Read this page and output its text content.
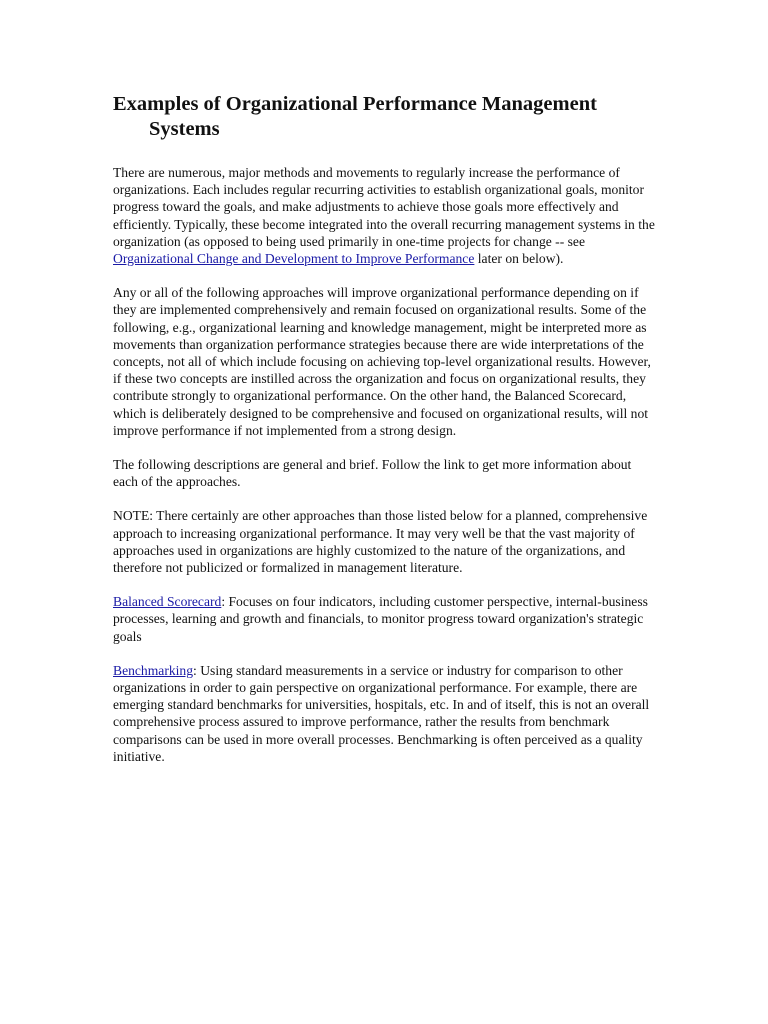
Examples of Organizational Performance Management Systems

There are numerous, major methods and movements to regularly increase the performance of organizations. Each includes regular recurring activities to establish organizational goals, monitor progress toward the goals, and make adjustments to achieve those goals more effectively and efficiently. Typically, these become integrated into the overall recurring management systems in the organization (as opposed to being used primarily in one-time projects for change -- see Organizational Change and Development to Improve Performance later on below).

Any or all of the following approaches will improve organizational performance depending on if they are implemented comprehensively and remain focused on organizational results. Some of the following, e.g., organizational learning and knowledge management, might be interpreted more as movements than organization performance strategies because there are wide interpretations of the concepts, not all of which include focusing on achieving top-level organizational results. However, if these two concepts are instilled across the organization and focus on organizational results, they contribute strongly to organizational performance. On the other hand, the Balanced Scorecard, which is deliberately designed to be comprehensive and focused on organizational results, will not improve performance if not implemented from a strong design.

The following descriptions are general and brief. Follow the link to get more information about each of the approaches.

NOTE: There certainly are other approaches than those listed below for a planned, comprehensive approach to increasing organizational performance. It may very well be that the vast majority of approaches used in organizations are highly customized to the nature of the organizations, and therefore not publicized or formalized in management literature.

Balanced Scorecard: Focuses on four indicators, including customer perspective, internal-business processes, learning and growth and financials, to monitor progress toward organization's strategic goals

Benchmarking: Using standard measurements in a service or industry for comparison to other organizations in order to gain perspective on organizational performance. For example, there are emerging standard benchmarks for universities, hospitals, etc. In and of itself, this is not an overall comprehensive process assured to improve performance, rather the results from benchmark comparisons can be used in more overall processes. Benchmarking is often perceived as a quality initiative.
